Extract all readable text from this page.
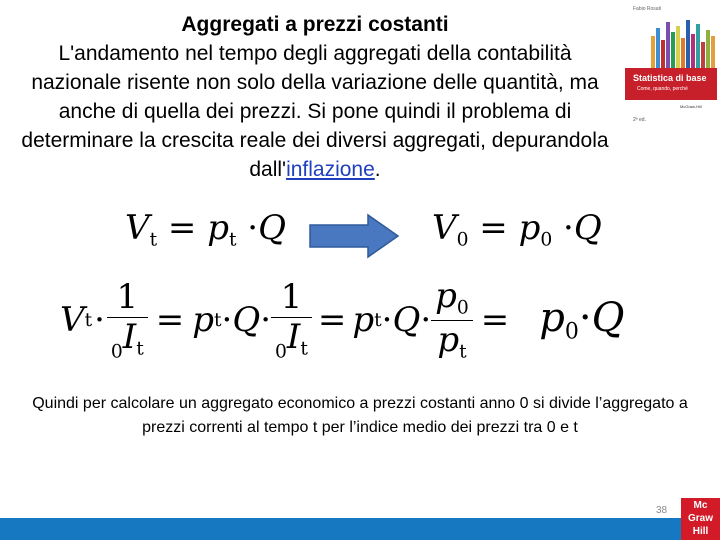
Aggregati a prezzi costanti
L'andamento nel tempo degli aggregati della contabilità nazionale risente non solo della variazione delle quantità, ma anche di quella dei prezzi. Si pone quindi il problema di determinare la crescita reale dei diversi aggregati, depurandola dall'inflazione.
Fabio Rosati
Statistica di base
Come, quando, perché
McGraw-Hill
2ª ed.
$V_t = p_t \cdot Q$	$V_0 = p_0 \cdot Q$
V $t \cdot \frac{1}{_0I_t} = p$ $t \cdot Q \cdot \frac{1}{_0I_t} = p$ $t \cdot Q \cdot \frac{p_0}{p_t} = p_0\cdot Q$
Quindi per calcolare un aggregato economico a prezzi costanti anno 0 si divide l’aggregato a prezzi correnti al tempo t per l’indice medio dei prezzi tra 0 e t
38	Mc
Graw
Hill
